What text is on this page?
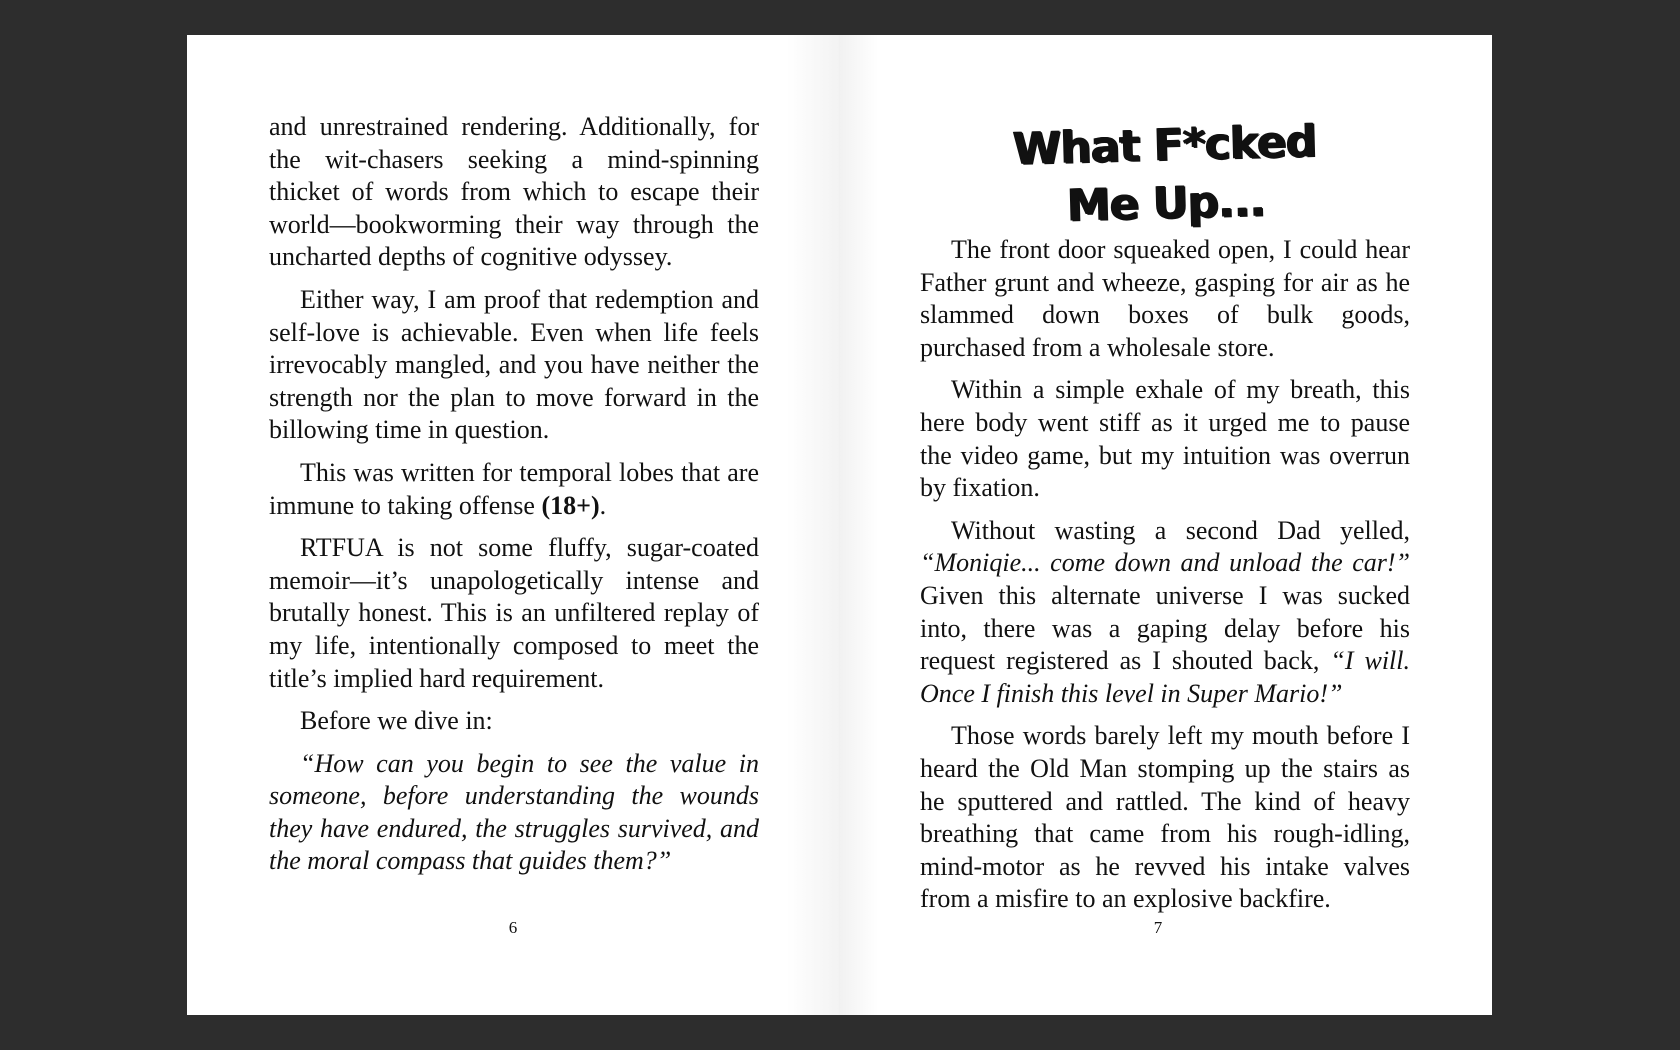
and unrestrained rendering. Additionally, for the wit-chasers seeking a mind-spinning thicket of words from which to escape their world—bookworming their way through the uncharted depths of cognitive odyssey.

Either way, I am proof that redemption and self-love is achievable. Even when life feels irrevocably mangled, and you have neither the strength nor the plan to move forward in the billowing time in question.

This was written for temporal lobes that are immune to taking offense (18+).

RTFUA is not some fluffy, sugar-coated memoir—it’s unapologetically intense and brutally honest. This is an unfiltered replay of my life, intentionally composed to meet the title’s implied hard requirement.

Before we dive in:

“How can you begin to see the value in someone, before understanding the wounds they have endured, the struggles survived, and the moral compass that guides them?”

6
What F*cked
Me Up...

The front door squeaked open, I could hear Father grunt and wheeze, gasping for air as he slammed down boxes of bulk goods, purchased from a wholesale store.

Within a simple exhale of my breath, this here body went stiff as it urged me to pause the video game, but my intuition was overrun by fixation.

Without wasting a second Dad yelled, “Moniqie... come down and unload the car!” Given this alternate universe I was sucked into, there was a gaping delay before his request registered as I shouted back, “I will. Once I finish this level in Super Mario!”

Those words barely left my mouth before I heard the Old Man stomping up the stairs as he sputtered and rattled. The kind of heavy breathing that came from his rough-idling, mind-motor as he revved his intake valves from a misfire to an explosive backfire.

7
